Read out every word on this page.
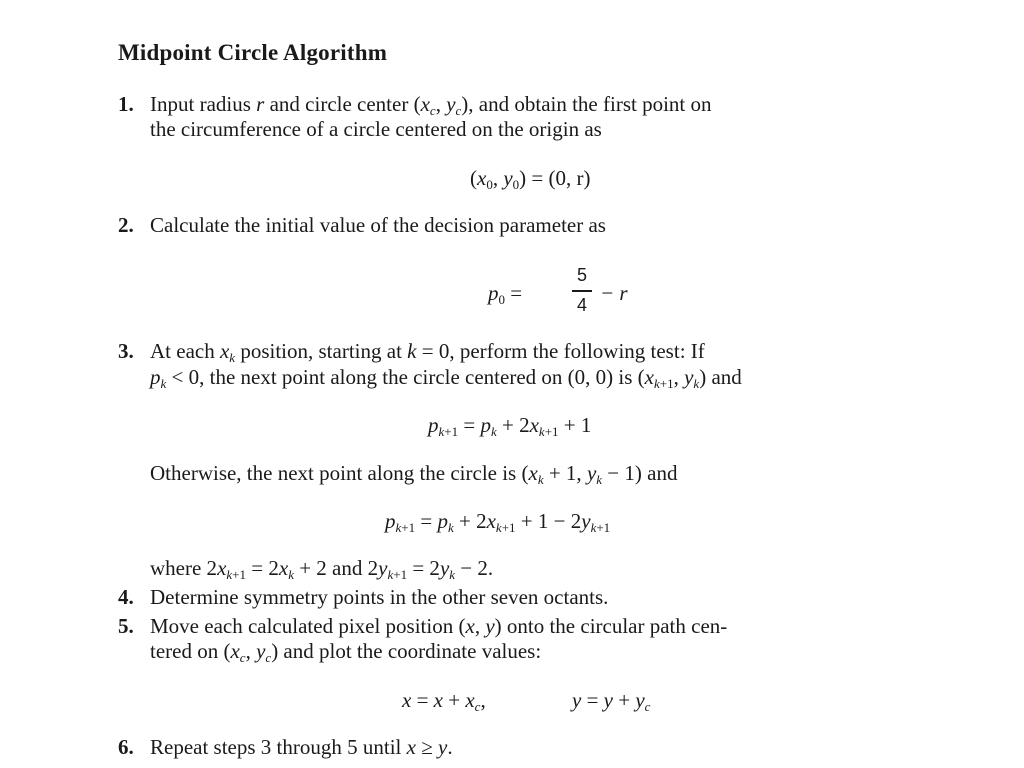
Midpoint Circle Algorithm
1. Input radius r and circle center ($x_c$, $y_c$), and obtain the first point on
the circumference of a circle centered on the origin as
($x_0$, $y_0) = (0$, r)
2. Calculate the initial value of the decision parameter as
$p_0$ =
5
4 − r
3. At each $x_k$ position, starting at k = 0, perform the following test: If
$p_k < 0$, the next point along the circle centered on (0, 0) is ($x_{k+1}$, $y_k$) and
$p_{k+1} = p_k + 2x_{k+1} + 1$
Otherwise, the next point along the circle is ($x_k + 1$, $y_k - 1$) and
$p_{k+1} = p_k + 2x_{k+1} + 1 - 2y_{k+1}$
where $2x_{k+1} = 2x_k + 2$ and $2y_{k+1} = 2y_k - 2$.
4. Determine symmetry points in the other seven octants.
5. Move each calculated pixel position (x, y) onto the circular path cen-
tered on ($x_c$, $y_c$) and plot the coordinate values:
$x = x + x_c$,	$y = y + y_c$
6. Repeat steps 3 through 5 until x ≥ y.
